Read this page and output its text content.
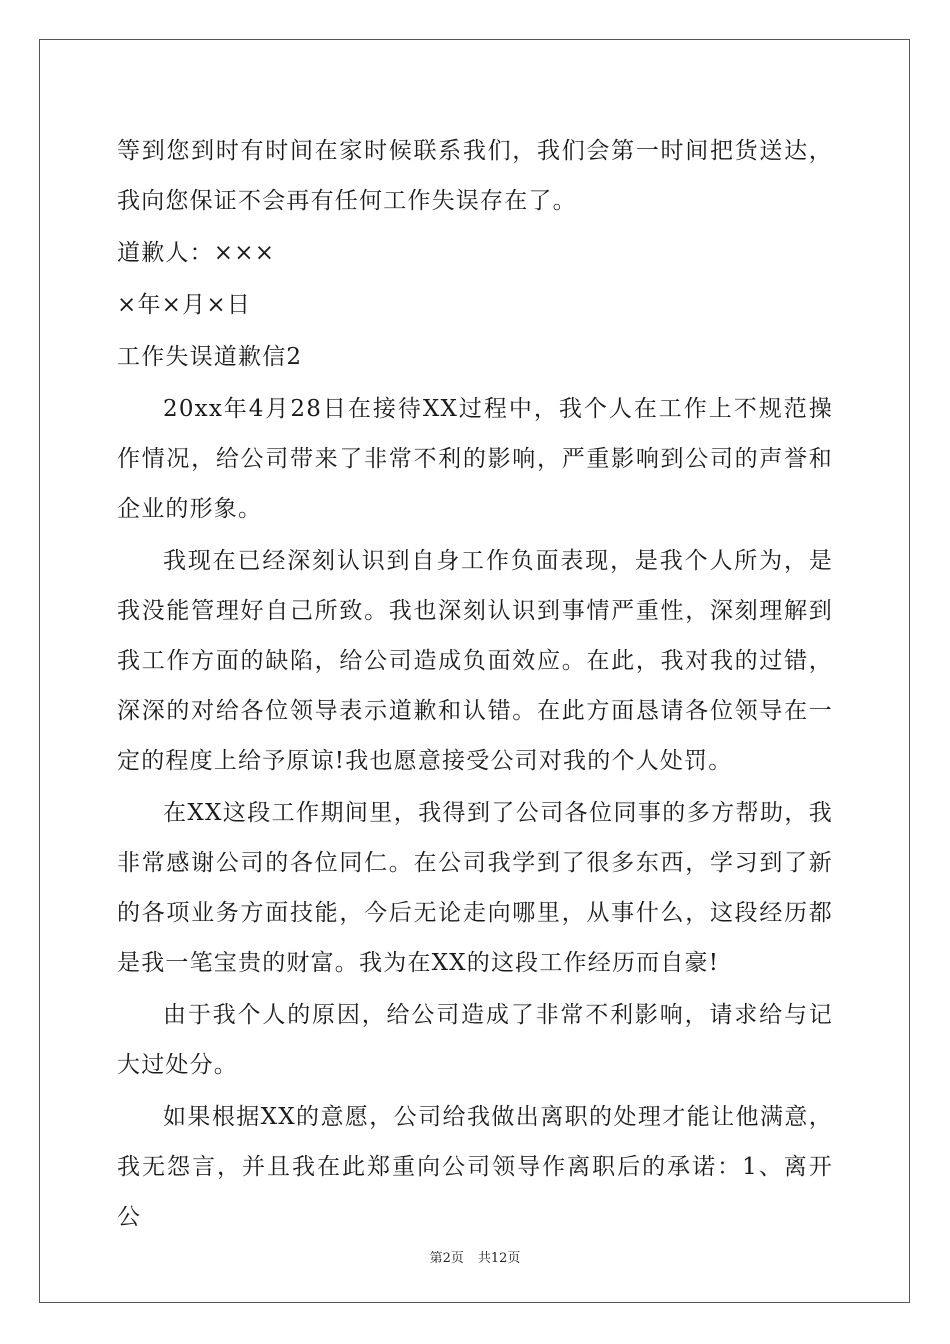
等到您到时有时间在家时候联系我们，我们会第一时间把货送达，我向您保证不会再有任何工作失误存在了。

道歉人：×××

×年×月×日

工作失误道歉信2

20xx年4月28日在接待XX过程中，我个人在工作上不规范操作情况，给公司带来了非常不利的影响，严重影响到公司的声誉和企业的形象。

我现在已经深刻认识到自身工作负面表现，是我个人所为，是我没能管理好自己所致。我也深刻认识到事情严重性，深刻理解到我工作方面的缺陷，给公司造成负面效应。在此，我对我的过错，深深的对给各位领导表示道歉和认错。在此方面恳请各位领导在一定的程度上给予原谅!我也愿意接受公司对我的个人处罚。

在XX这段工作期间里，我得到了公司各位同事的多方帮助，我非常感谢公司的各位同仁。在公司我学到了很多东西，学习到了新的各项业务方面技能，今后无论走向哪里，从事什么，这段经历都是我一笔宝贵的财富。我为在XX的这段工作经历而自豪!

由于我个人的原因，给公司造成了非常不利影响，请求给与记大过处分。

如果根据XX的意愿，公司给我做出离职的处理才能让他满意，我无怨言，并且我在此郑重向公司领导作离职后的承诺：1、离开公

第2页 共12页
